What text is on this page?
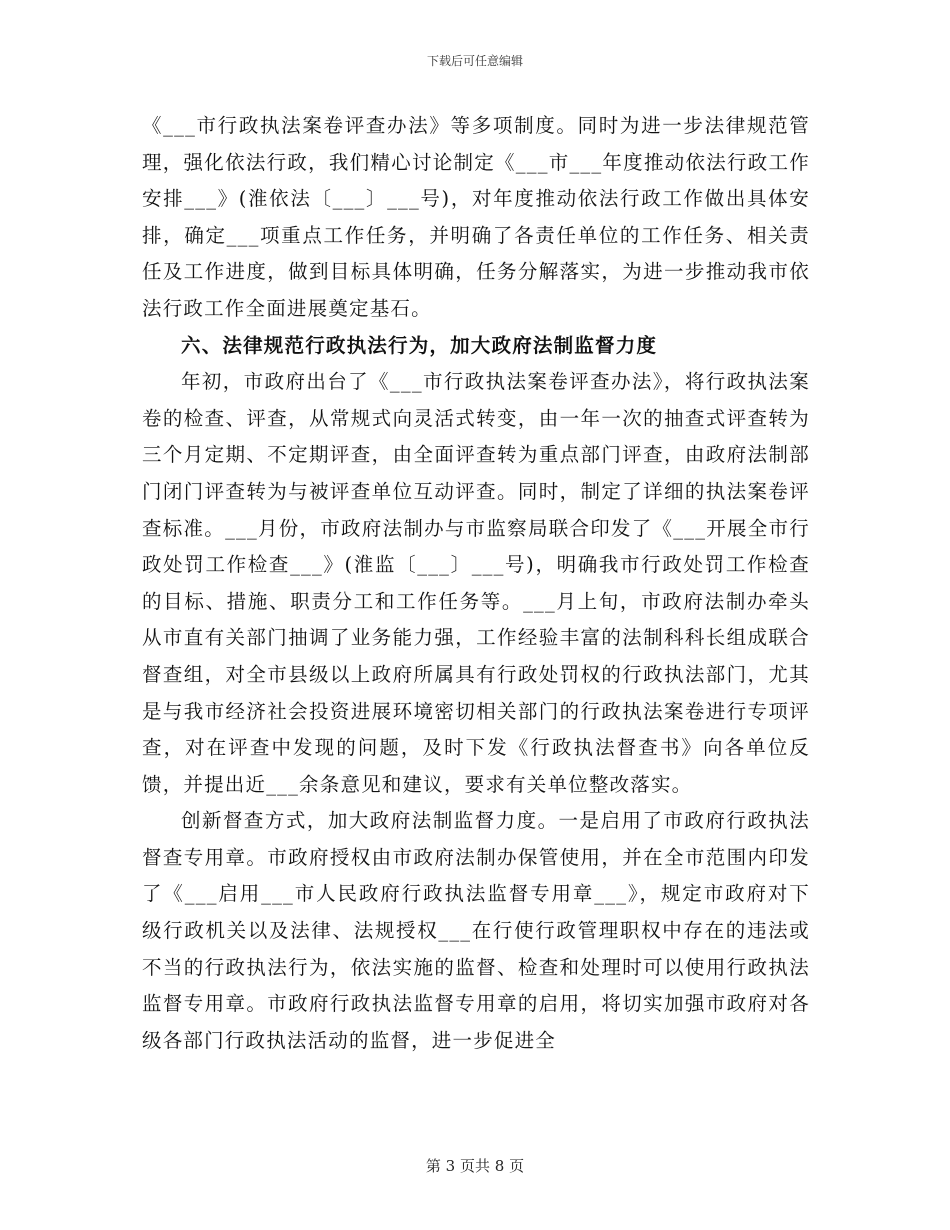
下载后可任意编辑

《___市行政执法案卷评查办法》等多项制度。同时为进一步法律规范管理，强化依法行政，我们精心讨论制定《___市___年度推动依法行政工作安排___》(淮依法〔___〕___号)，对年度推动依法行政工作做出具体安排，确定___项重点工作任务，并明确了各责任单位的工作任务、相关责任及工作进度，做到目标具体明确，任务分解落实，为进一步推动我市依法行政工作全面进展奠定基石。

六、法律规范行政执法行为，加大政府法制监督力度

年初，市政府出台了《___市行政执法案卷评查办法》，将行政执法案卷的检查、评查，从常规式向灵活式转变，由一年一次的抽查式评查转为三个月定期、不定期评查，由全面评查转为重点部门评查，由政府法制部门闭门评查转为与被评查单位互动评查。同时，制定了详细的执法案卷评查标准。___月份，市政府法制办与市监察局联合印发了《___开展全市行政处罚工作检查___》(淮监〔___〕___号)，明确我市行政处罚工作检查的目标、措施、职责分工和工作任务等。___月上旬，市政府法制办牵头从市直有关部门抽调了业务能力强，工作经验丰富的法制科科长组成联合督查组，对全市县级以上政府所属具有行政处罚权的行政执法部门，尤其是与我市经济社会投资进展环境密切相关部门的行政执法案卷进行专项评查，对在评查中发现的问题，及时下发《行政执法督查书》向各单位反馈，并提出近___余条意见和建议，要求有关单位整改落实。

创新督查方式，加大政府法制监督力度。一是启用了市政府行政执法督查专用章。市政府授权由市政府法制办保管使用，并在全市范围内印发了《___启用___市人民政府行政执法监督专用章___》，规定市政府对下级行政机关以及法律、法规授权___在行使行政管理职权中存在的违法或不当的行政执法行为，依法实施的监督、检查和处理时可以使用行政执法监督专用章。市政府行政执法监督专用章的启用，将切实加强市政府对各级各部门行政执法活动的监督，进一步促进全

第 3 页共 8 页
